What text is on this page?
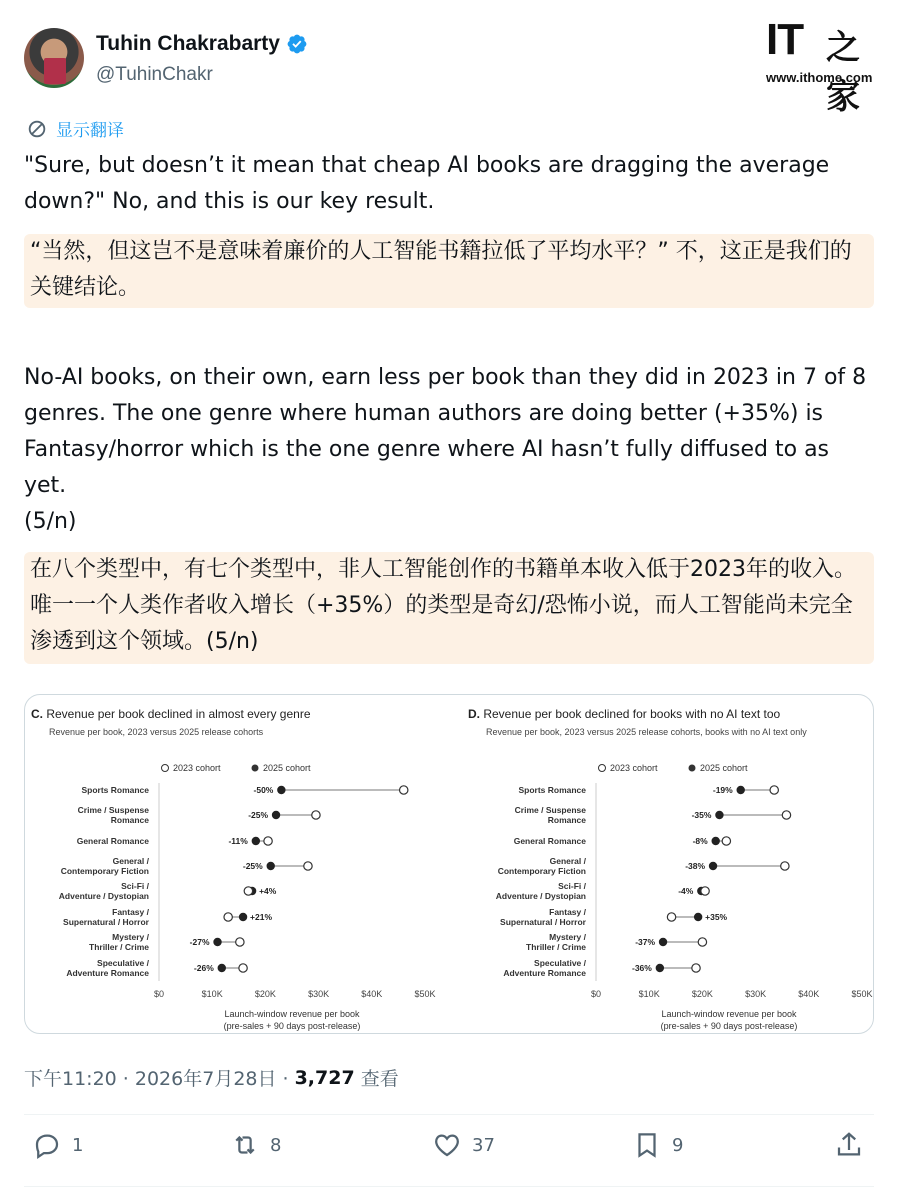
Tuhin Chakrabarty
@TuhinChakr
IT 之家
www.ithome.com
显示翻译
"Sure, but doesn’t it mean that cheap AI books are dragging the average down?" No, and this is our key result.
“当然，但这岂不是意味着廉价的人工智能书籍拉低了平均水平？” 不，这正是我们的关键结论。
No-AI books, on their own, earn less per book than they did in 2023 in 7 of 8 genres. The one genre where human authors are doing better (+35%) is Fantasy/horror which is the one genre where AI hasn’t fully diffused to as yet.
(5/n)
在八个类型中，有七个类型中，非人工智能创作的书籍单本收入低于2023年的收入。唯一一个人类作者收入增长（+35%）的类型是奇幻/恐怖小说，而人工智能尚未完全渗透到这个领域。(5/n)
C. Revenue per book declined in almost every genre
Revenue per book, 2023 versus 2025 release cohorts
2023 cohort	2025 cohort
$0	$10K	$20K	$30K	$40K	$50K
Launch-window revenue per book
(pre-sales + 90 days post-release)
Sports Romance	-50%
Crime / Suspense
Romance	-25%
General Romance	-11%
General /
Contemporary Fiction	-25%
Sci-Fi /
Adventure / Dystopian	+4%
Fantasy /
Supernatural / Horror	+21%
Mystery /
Thriller / Crime	-27%
Speculative /
Adventure Romance	-26%
D. Revenue per book declined for books with no AI text too
Revenue per book, 2023 versus 2025 release cohorts, books with no AI text only
2023 cohort	2025 cohort
$0	$10K	$20K	$30K	$40K	$50K
Launch-window revenue per book
(pre-sales + 90 days post-release)
Sports Romance	-19%
Crime / Suspense
Romance	-35%
General Romance	-8%
General /
Contemporary Fiction	-38%
Sci-Fi /
Adventure / Dystopian	-4%
Fantasy /
Supernatural / Horror	+35%
Mystery /
Thriller / Crime	-37%
Speculative /
Adventure Romance	-36%
下午11:20 · 2026年7月28日 · 3,727 查看
1	8	37	9
